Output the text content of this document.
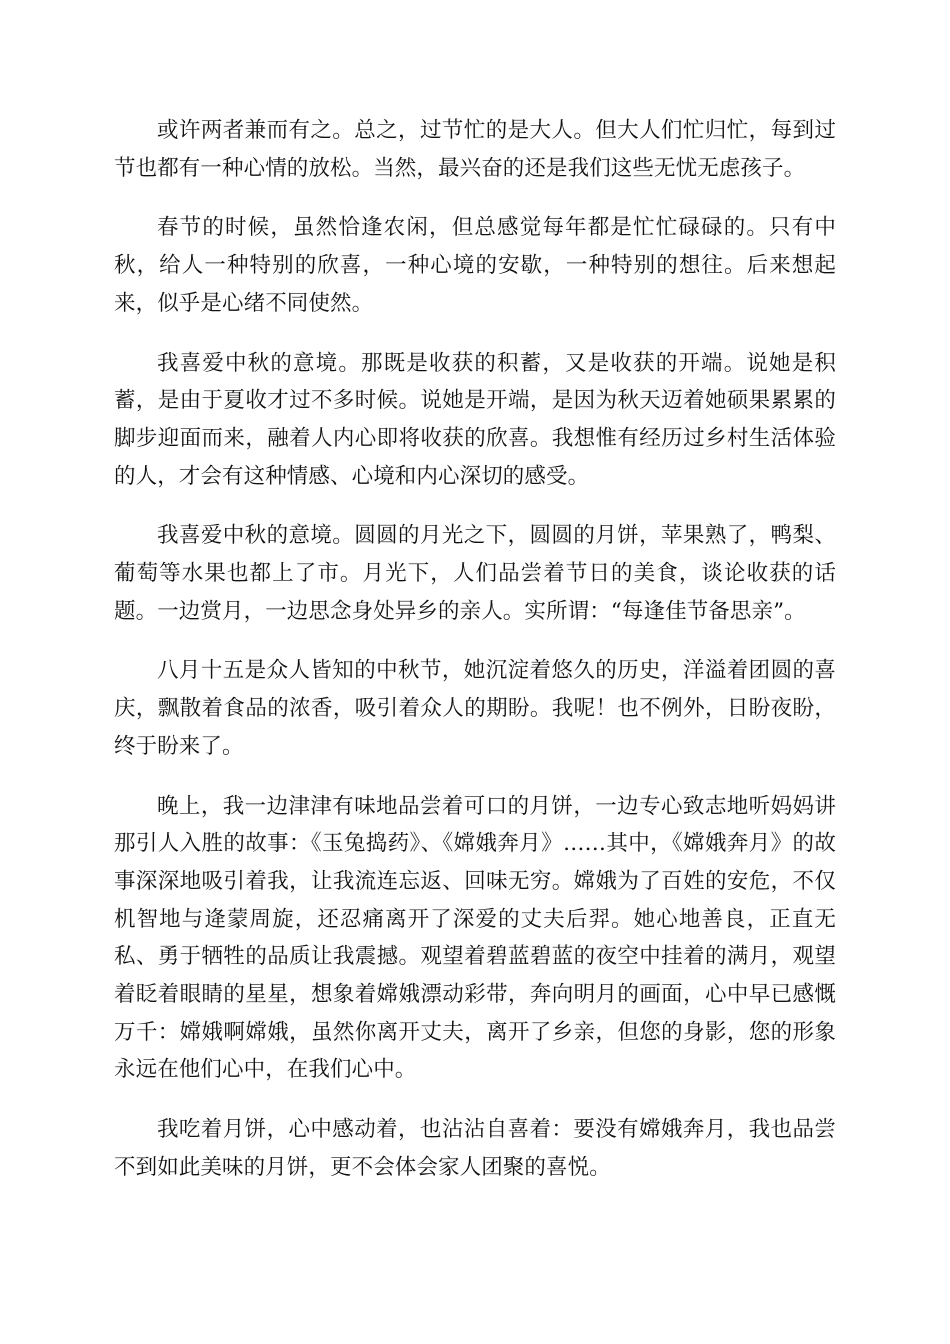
或许两者兼而有之。总之，过节忙的是大人。但大人们忙归忙，每到过节也都有一种心情的放松。当然，最兴奋的还是我们这些无忧无虑孩子。

春节的时候，虽然恰逢农闲，但总感觉每年都是忙忙碌碌的。只有中秋，给人一种特别的欣喜，一种心境的安歇，一种特别的想往。后来想起来，似乎是心绪不同使然。

我喜爱中秋的意境。那既是收获的积蓄，又是收获的开端。说她是积蓄，是由于夏收才过不多时候。说她是开端，是因为秋天迈着她硕果累累的脚步迎面而来，融着人内心即将收获的欣喜。我想惟有经历过乡村生活体验的人，才会有这种情感、心境和内心深切的感受。

我喜爱中秋的意境。圆圆的月光之下，圆圆的月饼，苹果熟了，鸭梨、葡萄等水果也都上了市。月光下，人们品尝着节日的美食，谈论收获的话题。一边赏月，一边思念身处异乡的亲人。实所谓：“每逢佳节备思亲”。

八月十五是众人皆知的中秋节，她沉淀着悠久的历史，洋溢着团圆的喜庆，飘散着食品的浓香，吸引着众人的期盼。我呢！也不例外，日盼夜盼，终于盼来了。

晚上，我一边津津有味地品尝着可口的月饼，一边专心致志地听妈妈讲那引人入胜的故事：《玉兔捣药》、《嫦娥奔月》……其中，《嫦娥奔月》的故事深深地吸引着我，让我流连忘返、回味无穷。嫦娥为了百姓的安危，不仅机智地与逄蒙周旋，还忍痛离开了深爱的丈夫后羿。她心地善良，正直无私、勇于牺牲的品质让我震撼。观望着碧蓝碧蓝的夜空中挂着的满月，观望着眨着眼睛的星星，想象着嫦娥漂动彩带，奔向明月的画面，心中早已感慨万千：嫦娥啊嫦娥，虽然你离开丈夫，离开了乡亲，但您的身影，您的形象永远在他们心中，在我们心中。

我吃着月饼，心中感动着，也沾沾自喜着：要没有嫦娥奔月，我也品尝不到如此美味的月饼，更不会体会家人团聚的喜悦。
